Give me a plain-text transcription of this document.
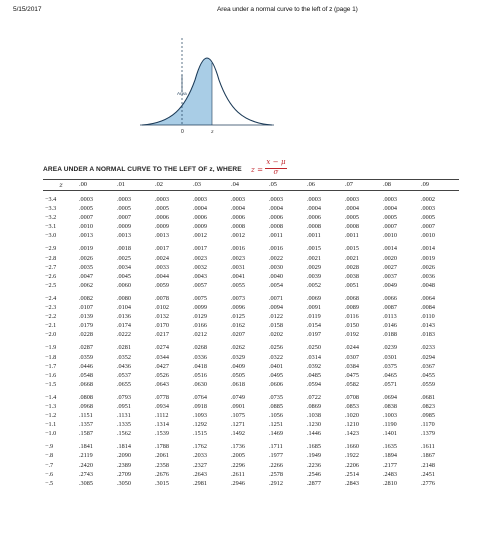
5/15/2017	Area under a normal curve to the left of z (page 1)
Area
0	z
AREA UNDER A NORMAL CURVE TO THE LEFT OF z, WHERE z =
x − μ
σ
z	.00	.01	.02	.03	.04	.05	.06	.07	.08	.09

−3.4	.0003	.0003	.0003	.0003	.0003	.0003	.0003	.0003	.0003	.0002
−3.3	.0005	.0005	.0005	.0004	.0004	.0004	.0004	.0004	.0004	.0003
−3.2	.0007	.0007	.0006	.0006	.0006	.0006	.0006	.0005	.0005	.0005
−3.1	.0010	.0009	.0009	.0009	.0008	.0008	.0008	.0008	.0007	.0007
−3.0	.0013	.0013	.0013	.0012	.0012	.0011	.0011	.0011	.0010	.0010

−2.9	.0019	.0018	.0017	.0017	.0016	.0016	.0015	.0015	.0014	.0014
−2.8	.0026	.0025	.0024	.0023	.0023	.0022	.0021	.0021	.0020	.0019
−2.7	.0035	.0034	.0033	.0032	.0031	.0030	.0029	.0028	.0027	.0026
−2.6	.0047	.0045	.0044	.0043	.0041	.0040	.0039	.0038	.0037	.0036
−2.5	.0062	.0060	.0059	.0057	.0055	.0054	.0052	.0051	.0049	.0048

−2.4	.0082	.0080	.0078	.0075	.0073	.0071	.0069	.0068	.0066	.0064
−2.3	.0107	.0104	.0102	.0099	.0096	.0094	.0091	.0089	.0087	.0084
−2.2	.0139	.0136	.0132	.0129	.0125	.0122	.0119	.0116	.0113	.0110
−2.1	.0179	.0174	.0170	.0166	.0162	.0158	.0154	.0150	.0146	.0143
−2.0	.0228	.0222	.0217	.0212	.0207	.0202	.0197	.0192	.0188	.0183

−1.9	.0287	.0281	.0274	.0268	.0262	.0256	.0250	.0244	.0239	.0233
−1.8	.0359	.0352	.0344	.0336	.0329	.0322	.0314	.0307	.0301	.0294
−1.7	.0446	.0436	.0427	.0418	.0409	.0401	.0392	.0384	.0375	.0367
−1.6	.0548	.0537	.0526	.0516	.0505	.0495	.0485	.0475	.0465	.0455
−1.5	.0668	.0655	.0643	.0630	.0618	.0606	.0594	.0582	.0571	.0559

−1.4	.0808	.0793	.0778	.0764	.0749	.0735	.0722	.0708	.0694	.0681
−1.3	.0968	.0951	.0934	.0918	.0901	.0885	.0869	.0853	.0838	.0823
−1.2	.1151	.1131	.1112	.1093	.1075	.1056	.1038	.1020	.1003	.0985
−1.1	.1357	.1335	.1314	.1292	.1271	.1251	.1230	.1210	.1190	.1170
−1.0	.1587	.1562	.1539	.1515	.1492	.1469	.1446	.1423	.1401	.1379

−.9	.1841	.1814	.1788	.1762	.1736	.1711	.1685	.1660	.1635	.1611
−.8	.2119	.2090	.2061	.2033	.2005	.1977	.1949	.1922	.1894	.1867
−.7	.2420	.2389	.2358	.2327	.2296	.2266	.2236	.2206	.2177	.2148
−.6	.2743	.2709	.2676	.2643	.2611	.2578	.2546	.2514	.2483	.2451
−.5	.3085	.3050	.3015	.2981	.2946	.2912	.2877	.2843	.2810	.2776
